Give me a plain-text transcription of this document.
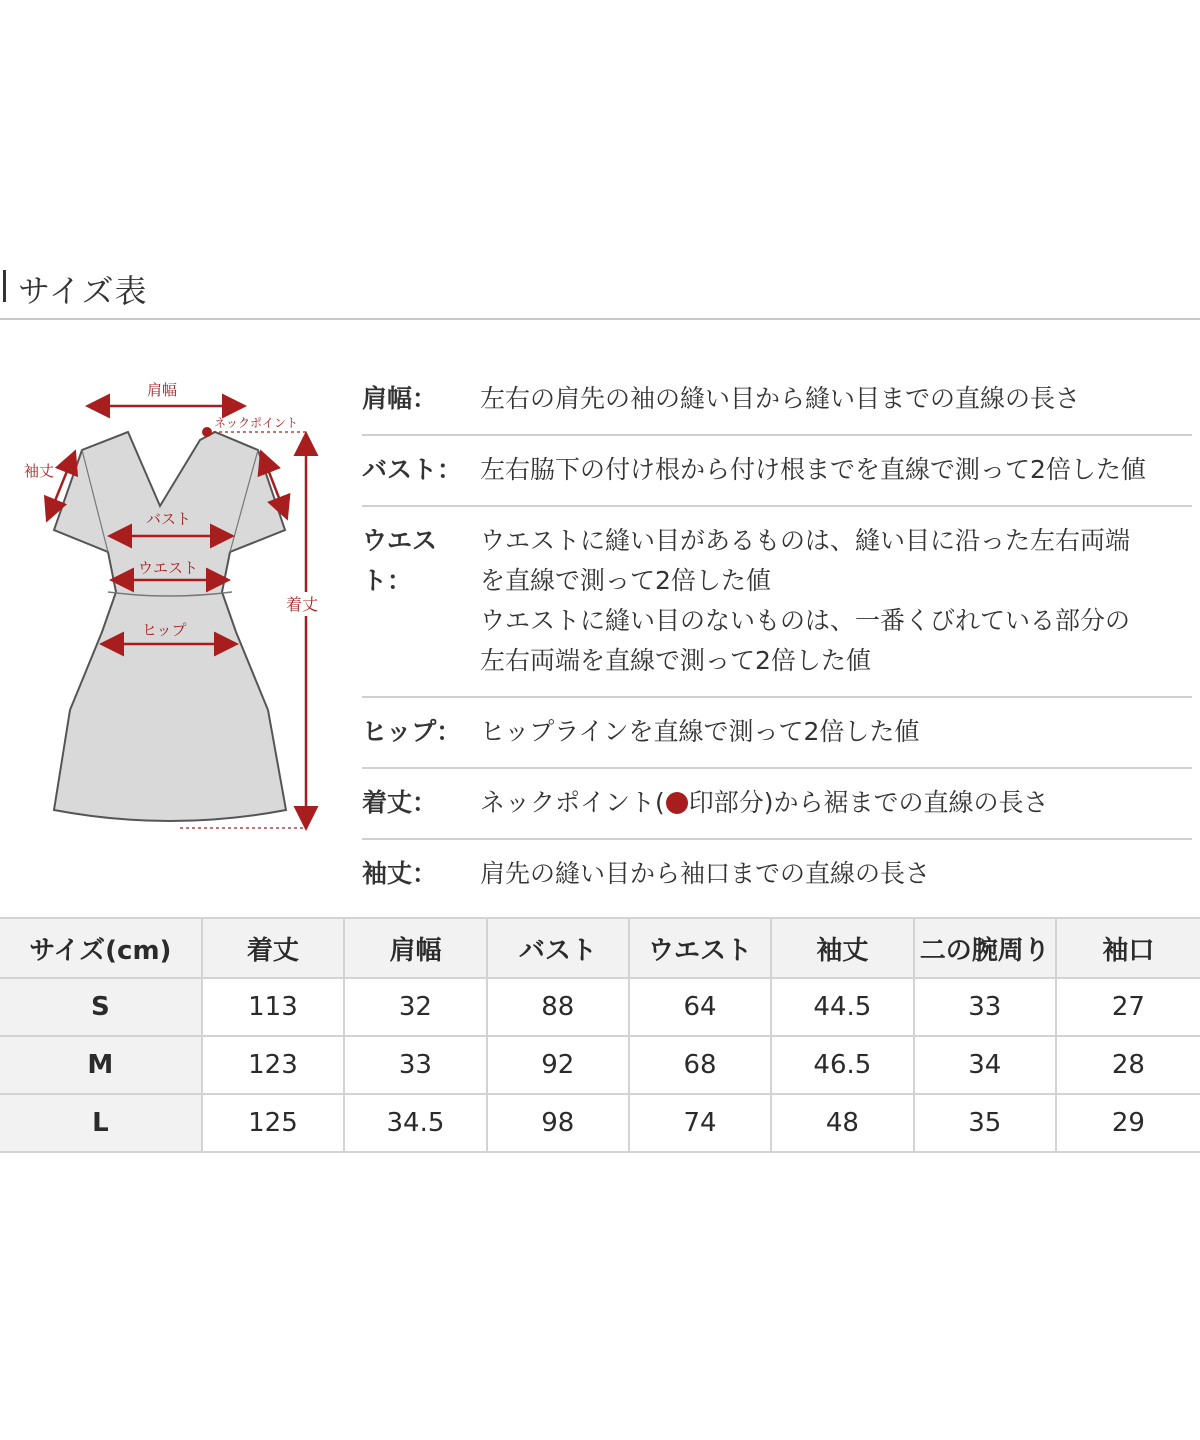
サイズ表
肩幅
ネックポイント
袖丈
バスト
ウエスト
ヒップ
着丈
肩幅：	左右の肩先の袖の縫い目から縫い目までの直線の長さ
バスト： 左右脇下の付け根から付け根までを直線で測って2倍した値
ウエスト：
ウエストに縫い目があるものは、縫い目に沿った左右両端
を直線で測って2倍した値
ウエストに縫い目のないものは、一番くびれている部分の
左右両端を直線で測って2倍した値
ヒップ： ヒップラインを直線で測って2倍した値
着丈：	ネックポイント( 印部分)から裾までの直線の長さ
袖丈：	肩先の縫い目から袖口までの直線の長さ
サイズ(cm)	着丈	肩幅	バスト	ウエスト	袖丈	二の腕周り	袖口
S	113	32	88	64	44.5	33	27
M	123	33	92	68	46.5	34	28
L	125	34.5	98	74	48	35	29
